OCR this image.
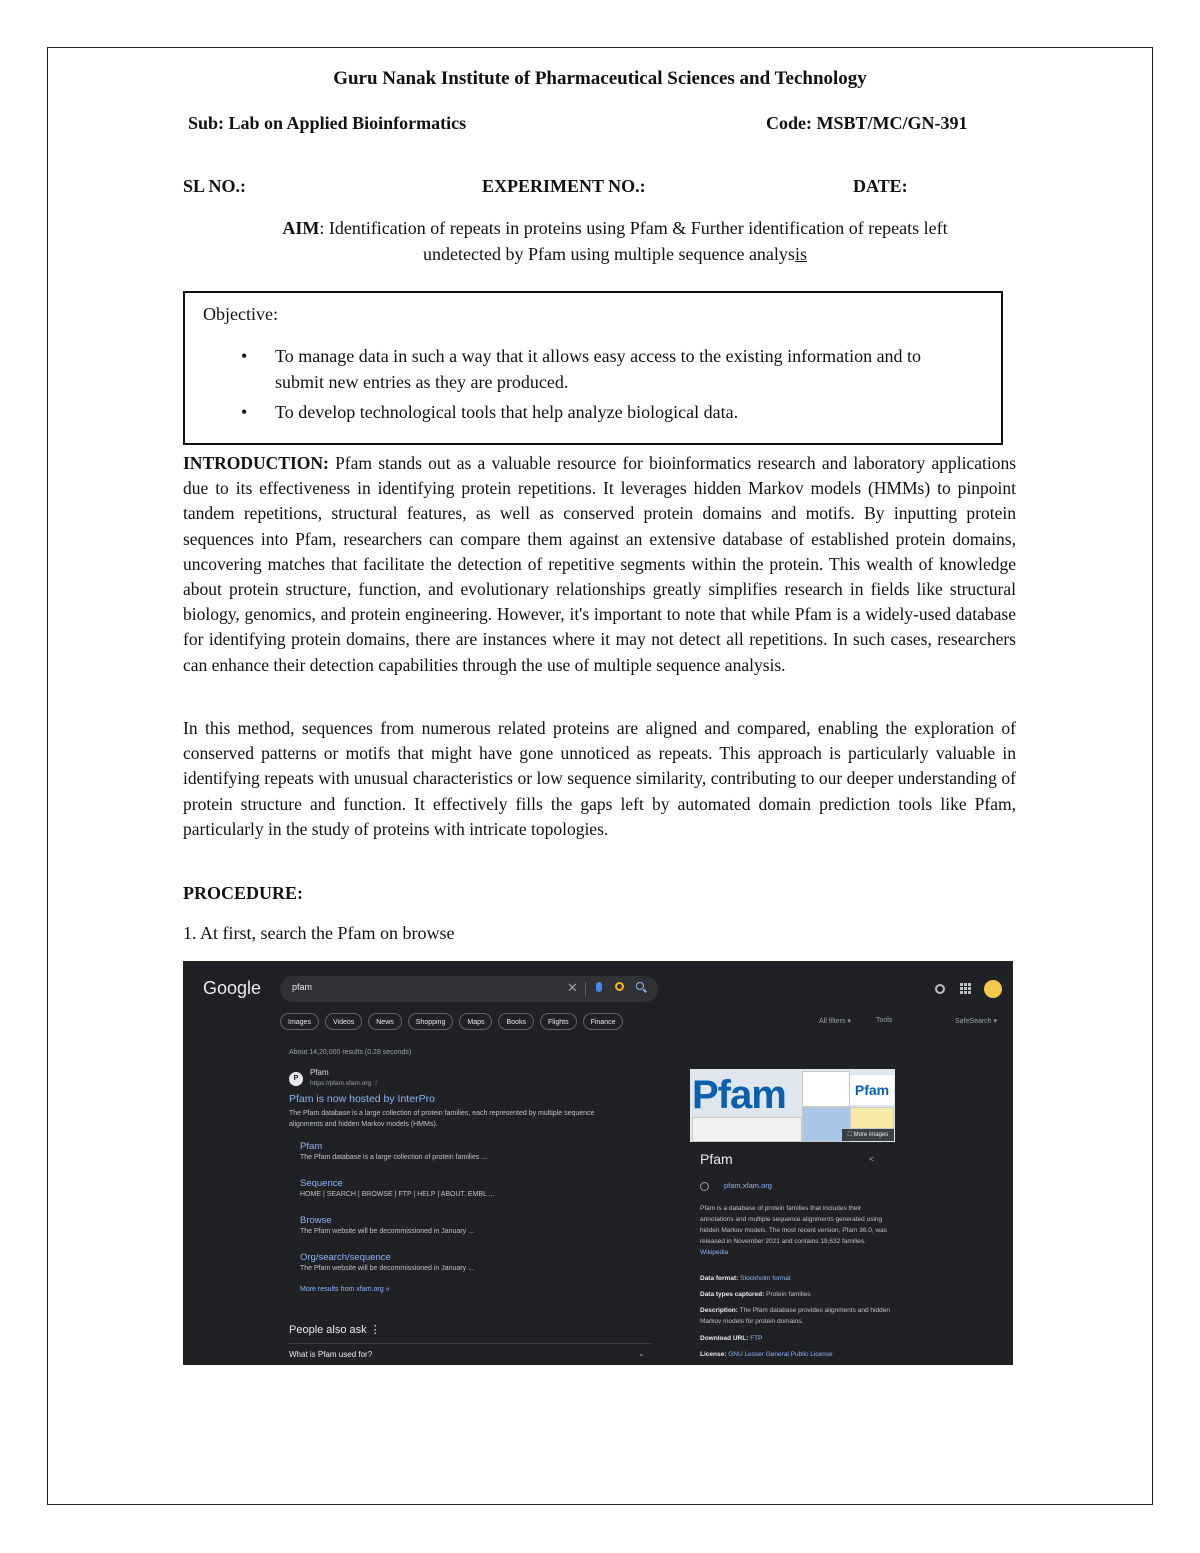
Guru Nanak Institute of Pharmaceutical Sciences and Technology
Sub: Lab on Applied Bioinformatics	Code: MSBT/MC/GN-391
SL NO.:	EXPERIMENT NO.:	DATE:
AIM: Identification of repeats in proteins using Pfam & Further identification of repeats left
undetected by Pfam using multiple sequence analysis
Objective:
• To manage data in such a way that it allows easy access to the existing information and to submit new entries as they are produced.
• To develop technological tools that help analyze biological data.
INTRODUCTION: Pfam stands out as a valuable resource for bioinformatics research and laboratory applications due to its effectiveness in identifying protein repetitions. It leverages hidden Markov models (HMMs) to pinpoint tandem repetitions, structural features, as well as conserved protein domains and motifs. By inputting protein sequences into Pfam, researchers can compare them against an extensive database of established protein domains, uncovering matches that facilitate the detection of repetitive segments within the protein. This wealth of knowledge about protein structure, function, and evolutionary relationships greatly simplifies research in fields like structural biology, genomics, and protein engineering. However, it's important to note that while Pfam is a widely-used database for identifying protein domains, there are instances where it may not detect all repetitions. In such cases, researchers can enhance their detection capabilities through the use of multiple sequence analysis.
In this method, sequences from numerous related proteins are aligned and compared, enabling the exploration of conserved patterns or motifs that might have gone unnoticed as repeats. This approach is particularly valuable in identifying repeats with unusual characteristics or low sequence similarity, contributing to our deeper understanding of protein structure and function. It effectively fills the gaps left by automated domain prediction tools like Pfam, particularly in the study of proteins with intricate topologies.
PROCEDURE:
1. At first, search the Pfam on browse
Google	pfam	✕
Images	Videos	News	Shopping	Maps	Books	Flights	Finance	All filters ▾	Tools	SafeSearch ▾
About 14,20,000 results (0.28 seconds)
P
Pfam
https://pfam.xfam.org ⋮
Pfam is now hosted by InterPro
The Pfam database is a large collection of protein families, each represented by multiple sequence alignments and hidden Markov models (HMMs).
Pfam
The Pfam database is a large collection of protein families ...
Sequence
HOME | SEARCH | BROWSE | FTP | HELP | ABOUT. EMBL ...
Browse
The Pfam website will be decommissioned in January ...
Org/search/sequence
The Pfam website will be decommissioned in January ...
More results from xfam.org »
People also ask ⋮
What is Pfam used for?	⌄
Pfam	Pfam
⛶ More images
Pfam	<
pfam.xfam.org
Pfam is a database of protein families that includes their annotations and multiple sequence alignments generated using hidden Markov models. The most recent version, Pfam 36.0, was released in November 2021 and contains 19,632 families. Wikipedia
Data format: Stockholm format
Data types captured: Protein families
Description: The Pfam database provides alignments and hidden Markov models for protein domains.
Download URL: FTP
License: GNU Lesser General Public License
